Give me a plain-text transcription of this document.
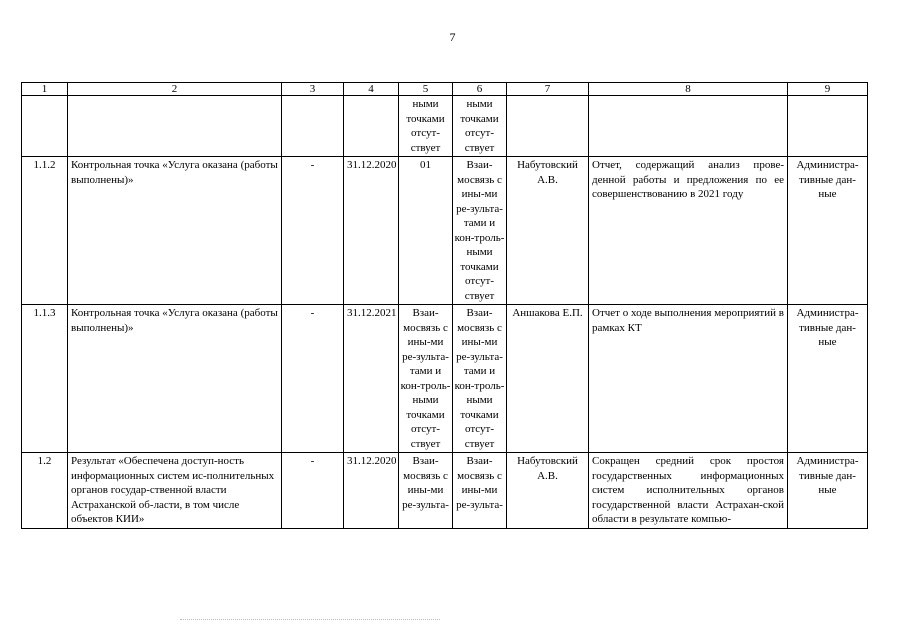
7
1	2	3	4	5	6	7	8	9
				ными точками отсут-ствует	ными точками отсут-ствует			
1.1.2	Контрольная точка «Услуга оказана (работы выполнены)»	-	31.12.2020	01	Взаи-мосвязь с ины-ми ре-зульта-тами и кон-троль-ными точками отсут-ствует	Набутовский А.В.	Отчет, содержащий анализ прове-денной работы и предложения по ее совершенствованию в 2021 году	Администра-тивные дан-ные
1.1.3	Контрольная точка «Услуга оказана (работы выполнены)»	-	31.12.2021	Взаи-мосвязь с ины-ми ре-зульта-тами и кон-троль-ными точками отсут-ствует	Взаи-мосвязь с ины-ми ре-зульта-тами и кон-троль-ными точками отсут-ствует	Аншакова Е.П.	Отчет о ходе выполнения мероприятий в рамках КТ	Администра-тивные дан-ные
1.2	Результат «Обеспечена доступ-ность информационных систем ис-полнительных органов государ-ственной власти Астраханской об-ласти, в том числе объектов КИИ»	-	31.12.2020	Взаи-мосвязь с ины-ми ре-зульта-	Взаи-мосвязь с ины-ми ре-зульта-	Набутовский А.В.	Сокращен средний срок простоя государственных информационных систем исполнительных органов государственной власти Астрахан-ской области в результате компью-	Администра-тивные дан-ные
